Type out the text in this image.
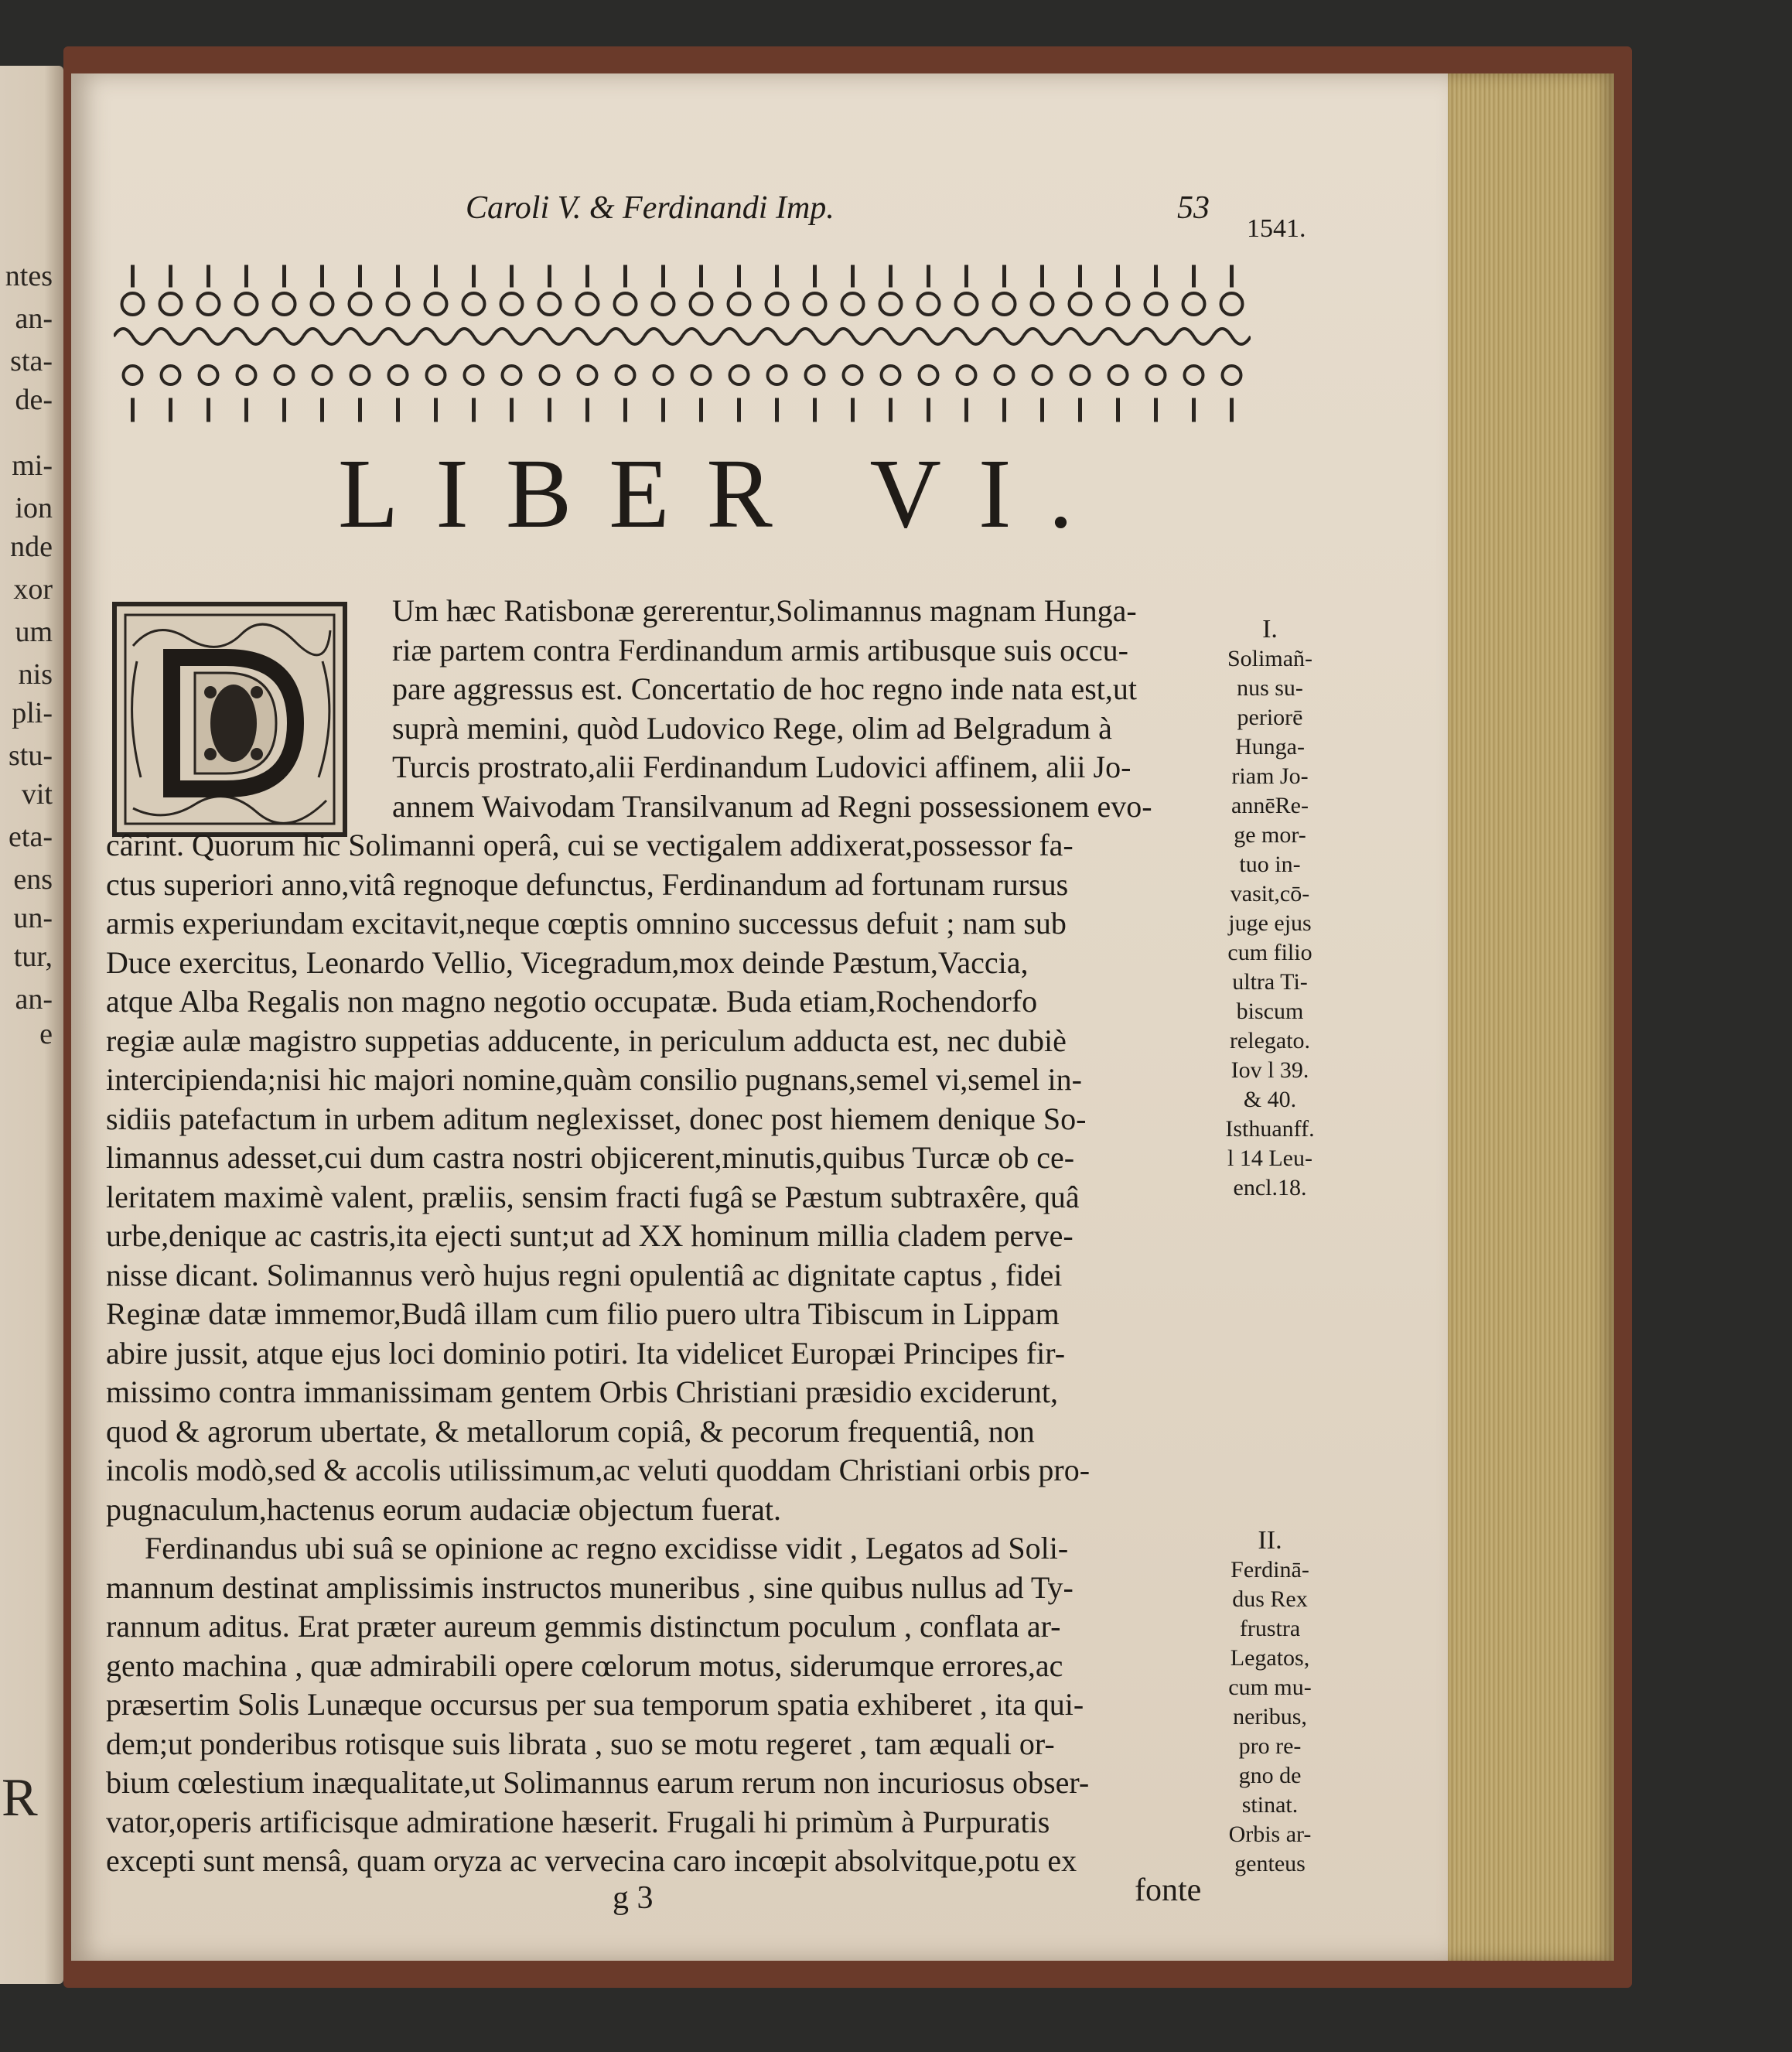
ntes
an-
sta-
de-
mi-
ion
nde
xor
um
nis
pli-
stu-
vit
eta-
ens
un-
tur,
an-
e
R
Caroli V. & Ferdinandi Imp.	53
1541.
LIBER VI.
Um hæc Ratisbonæ gererentur,Solimannus magnam Hunga-
riæ partem contra Ferdinandum armis artibusque suis occu-
pare aggressus est. Concertatio de hoc regno inde nata est,ut
suprà memini, quòd Ludovico Rege, olim ad Belgradum à
Turcis prostrato,alii Ferdinandum Ludovici affinem, alii Jo-
annem Waivodam Transilvanum ad Regni possessionem evo-
cârint. Quorum hic Solimanni operâ, cui se vectigalem addixerat,possessor fa-
ctus superiori anno,vitâ regnoque defunctus, Ferdinandum ad fortunam rursus
armis experiundam excitavit,neque cœptis omnino successus defuit ; nam sub
Duce exercitus, Leonardo Vellio, Vicegradum,mox deinde Pæstum,Vaccia,
atque Alba Regalis non magno negotio occupatæ. Buda etiam,Rochendorfo
regiæ aulæ magistro suppetias adducente, in periculum adducta est, nec dubiè
intercipienda;nisi hic majori nomine,quàm consilio pugnans,semel vi,semel in-
sidiis patefactum in urbem aditum neglexisset, donec post hiemem denique So-
limannus adesset,cui dum castra nostri objicerent,minutis,quibus Turcæ ob ce-
leritatem maximè valent, præliis, sensim fracti fugâ se Pæstum subtraxêre, quâ
urbe,denique ac castris,ita ejecti sunt;ut ad XX hominum millia cladem perve-
nisse dicant. Solimannus verò hujus regni opulentiâ ac dignitate captus , fidei
Reginæ datæ immemor,Budâ illam cum filio puero ultra Tibiscum in Lippam
abire jussit, atque ejus loci dominio potiri. Ita videlicet Europæi Principes fir-
missimo contra immanissimam gentem Orbis Christiani præsidio exciderunt,
quod & agrorum ubertate, & metallorum copiâ, & pecorum frequentiâ, non
incolis modò,sed & accolis utilissimum,ac veluti quoddam Christiani orbis pro-
pugnaculum,hactenus eorum audaciæ objectum fuerat.
Ferdinandus ubi suâ se opinione ac regno excidisse vidit , Legatos ad Soli-
mannum destinat amplissimis instructos muneribus , sine quibus nullus ad Ty-
rannum aditus. Erat præter aureum gemmis distinctum poculum , conflata ar-
gento machina , quæ admirabili opere cœlorum motus, siderumque errores,ac
præsertim Solis Lunæque occursus per sua temporum spatia exhiberet , ita qui-
dem;ut ponderibus rotisque suis librata , suo se motu regeret , tam æquali or-
bium cœlestium inæqualitate,ut Solimannus earum rerum non incuriosus obser-
vator,operis artificisque admiratione hæserit. Frugali hi primùm à Purpuratis
excepti sunt mensâ, quam oryza ac vervecina caro incœpit absolvitque,potu ex
I.
Solimañ-
nus su-
periorē
Hunga-
riam Jo-
annēRe-
ge mor-
tuo in-
vasit,cō-
juge ejus
cum filio
ultra Ti-
biscum
relegato.
Iov l 39.
& 40.
Isthuanff.
l 14 Leu-
encl.18.
II.
Ferdinā-
dus Rex
frustra
Legatos,
cum mu-
neribus,
pro re-
gno de
stinat.
Orbis ar-
genteus
g 3	fonte
